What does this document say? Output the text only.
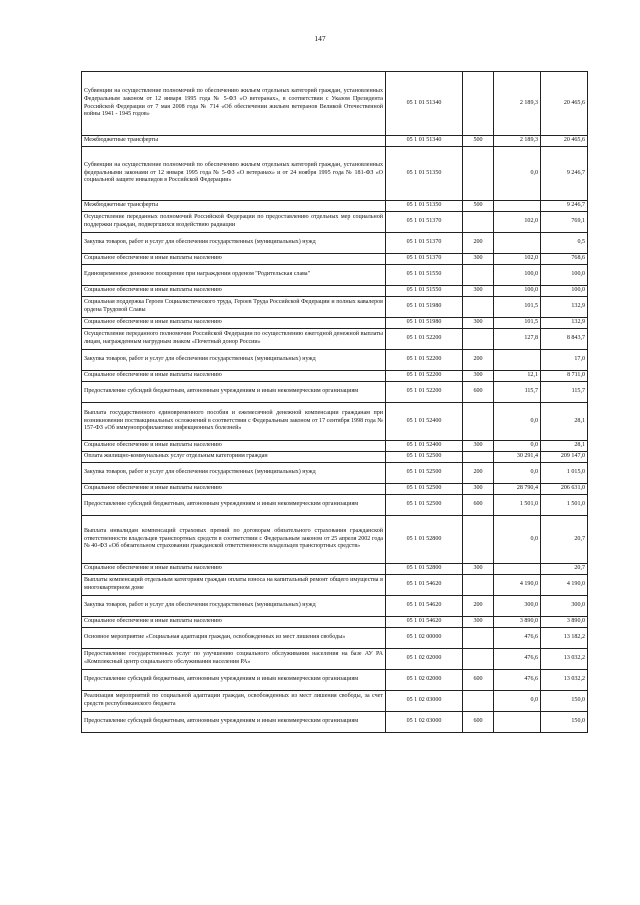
147
Субвенции на осуществление полномочий по обеспечению жильем отдельных категорий граждан, установленных Федеральным законом от 12 января 1995 года № 5-ФЗ «О ветеранах», в соответствии с Указом Президента Российской Федерации от 7 мая 2008 года № 714 «Об обеспечении жильем ветеранов Великой Отечественной войны 1941 - 1945 годов»	05 1 01 51340		2 189,3	20 465,6
Межбюджетные трансферты	05 1 01 51340	500	2 189,3	20 465,6
Субвенции на осуществление полномочий по обеспечению жильем отдельных категорий граждан, установленных федеральными законами от 12 января 1995 года № 5-ФЗ «О ветеранах» и от 24 ноября 1995 года № 181-ФЗ «О социальной защите инвалидов в Российской Федерации»	05 1 01 51350		0,0	9 246,7
Межбюджетные трансферты	05 1 01 51350	500		9 246,7
Осуществление переданных полномочий Российской Федерации по предоставлению отдельных мер социальной поддержки граждан, подвергшихся воздействию радиации	05 1 01 51370		102,0	769,1
Закупка товаров, работ и услуг для обеспечения государственных (муниципальных) нужд	05 1 01 51370	200		0,5
Социальное обеспечение и иные выплаты населению	05 1 01 51370	300	102,0	768,6
Единовременное денежное поощрение при награждении орденом "Родительская слава"	05 1 01 51550		100,0	100,0
Социальное обеспечение и иные выплаты населению	05 1 01 51550	300	100,0	100,0
Социальная поддержка Героев Социалистического труда, Героев Труда Российской Федерации и полных кавалеров ордена Трудовой Славы	05 1 01 51980		101,5	132,9
Социальное обеспечение и иные выплаты населению	05 1 01 51980	300	101,5	132,9
Осуществление переданного полномочия Российской Федерации по осуществлению ежегодной денежной выплаты лицам, награжденным нагрудным знаком «Почетный донор России»	05 1 01 52200		127,8	8 843,7
Закупка товаров, работ и услуг для обеспечения государственных (муниципальных) нужд	05 1 01 52200	200		17,0
Социальное обеспечение и иные выплаты населению	05 1 01 52200	300	12,1	8 711,0
Предоставление субсидий бюджетным, автономным учреждениям и иным некоммерческим организациям	05 1 01 52200	600	115,7	115,7
Выплата государственного единовременного пособия и ежемесячной денежной компенсации гражданам при возникновении поствакцинальных осложнений в соответствии с Федеральным законом от 17 сентября 1998 года № 157-ФЗ «Об иммунопрофилактике инфекционных болезней»	05 1 01 52400		0,0	28,1
Социальное обеспечение и иные выплаты населению	05 1 01 52400	300	0,0	28,1
Оплата жилищно-коммунальных услуг отдельным категориям граждан	05 1 01 52500		30 291,4	209 147,0
Закупка товаров, работ и услуг для обеспечения государственных (муниципальных) нужд	05 1 01 52500	200	0,0	1 015,0
Социальное обеспечение и иные выплаты населению	05 1 01 52500	300	28 790,4	206 631,0
Предоставление субсидий бюджетным, автономным учреждениям и иным некоммерческим организациям	05 1 01 52500	600	1 501,0	1 501,0
Выплата инвалидам компенсаций страховых премий по договорам обязательного страхования гражданской ответственности владельцев транспортных средств в соответствии с Федеральным законом от 25 апреля 2002 года № 40-ФЗ «Об обязательном страховании гражданской ответственности владельцев транспортных средств»	05 1 01 52800		0,0	20,7
Социальное обеспечение и иные выплаты населению	05 1 01 52800	300		20,7
Выплаты компенсаций отдельным категориям граждан оплаты взноса на капитальный ремонт общего имущества в многоквартирном доме	05 1 01 54620		4 190,0	4 190,0
Закупка товаров, работ и услуг для обеспечения государственных (муниципальных) нужд	05 1 01 54620	200	300,0	300,0
Социальное обеспечение и иные выплаты населению	05 1 01 54620	300	3 890,0	3 890,0
Основное мероприятие «Социальная адаптация граждан, освобожденных из мест лишения свободы»	05 1 02 00000		476,6	13 182,2
Предоставление государственных услуг по улучшению социального обслуживания населения на базе АУ РА «Комплексный центр социального обслуживания населения РА»	05 1 02 02000		476,6	13 032,2
Предоставление субсидий бюджетным, автономным учреждениям и иным некоммерческим организациям	05 1 02 02000	600	476,6	13 032,2
Реализация мероприятий по социальной адаптации граждан, освобожденных из мест лишения свободы, за счет средств республиканского бюджета	05 1 02 03000		0,0	150,0
Предоставление субсидий бюджетным, автономным учреждениям и иным некоммерческим организациям	05 1 02 03000	600		150,0
